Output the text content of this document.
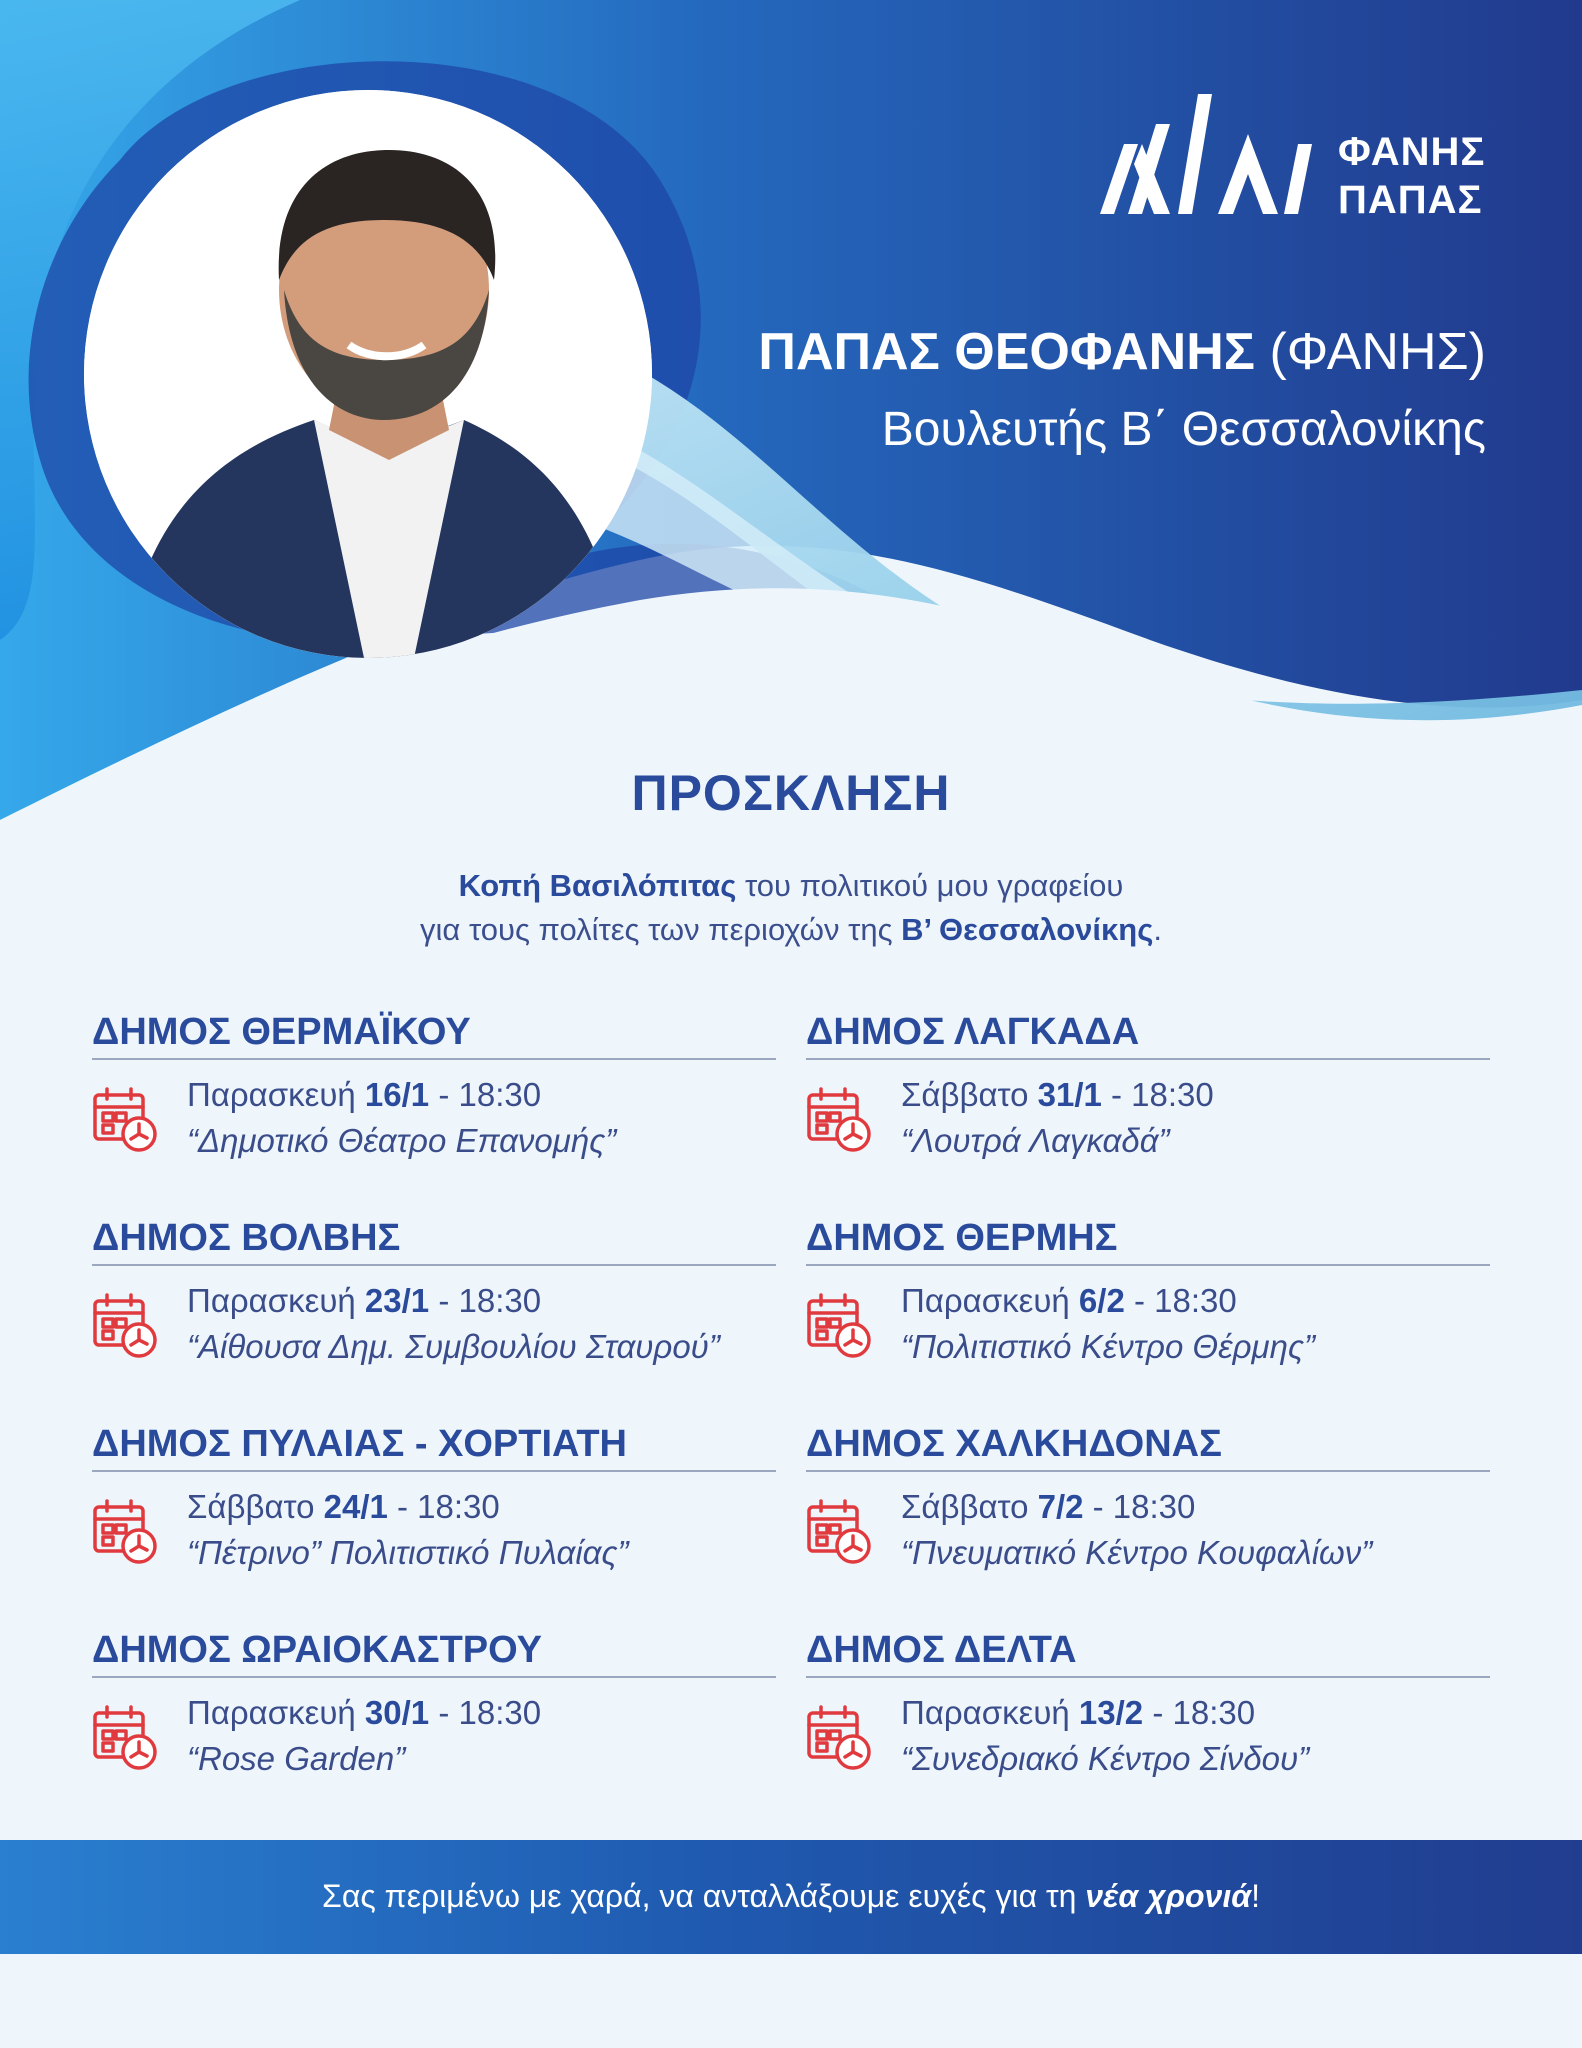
ΦΑΝΗΣ
ΠΑΠΑΣ
ΠΑΠΑΣ ΘΕΟΦΑΝΗΣ (ΦΑΝΗΣ)
Βουλευτής Β΄ Θεσσαλονίκης
ΠΡΟΣΚΛΗΣΗ
Κοπή Βασιλόπιτας του πολιτικού μου γραφείου
για τους πολίτες των περιοχών της Β’ Θεσσαλονίκης.
ΔΗΜΟΣ ΘΕΡΜΑΪΚΟΥ
Παρασκευή 16/1 - 18:30
“Δημοτικό Θέατρο Επανομής”
ΔΗΜΟΣ ΒΟΛΒΗΣ
Παρασκευή 23/1 - 18:30
“Αίθουσα Δημ. Συμβουλίου Σταυρού”
ΔΗΜΟΣ ΠΥΛΑΙΑΣ - ΧΟΡΤΙΑΤΗ
Σάββατο 24/1 - 18:30
“Πέτρινο” Πολιτιστικό Πυλαίας”
ΔΗΜΟΣ ΩΡΑΙΟΚΑΣΤΡΟΥ
Παρασκευή 30/1 - 18:30
“Rose Garden”
ΔΗΜΟΣ ΛΑΓΚΑΔΑ
Σάββατο 31/1 - 18:30
“Λουτρά Λαγκαδά”
ΔΗΜΟΣ ΘΕΡΜΗΣ
Παρασκευή 6/2 - 18:30
“Πολιτιστικό Κέντρο Θέρμης”
ΔΗΜΟΣ ΧΑΛΚΗΔΟΝΑΣ
Σάββατο 7/2 - 18:30
“Πνευματικό Κέντρο Κουφαλίων”
ΔΗΜΟΣ ΔΕΛΤΑ
Παρασκευή 13/2 - 18:30
“Συνεδριακό Κέντρο Σίνδου”
Σας περιμένω με χαρά, να ανταλλάξουμε ευχές για τη νέα χρονιά!
